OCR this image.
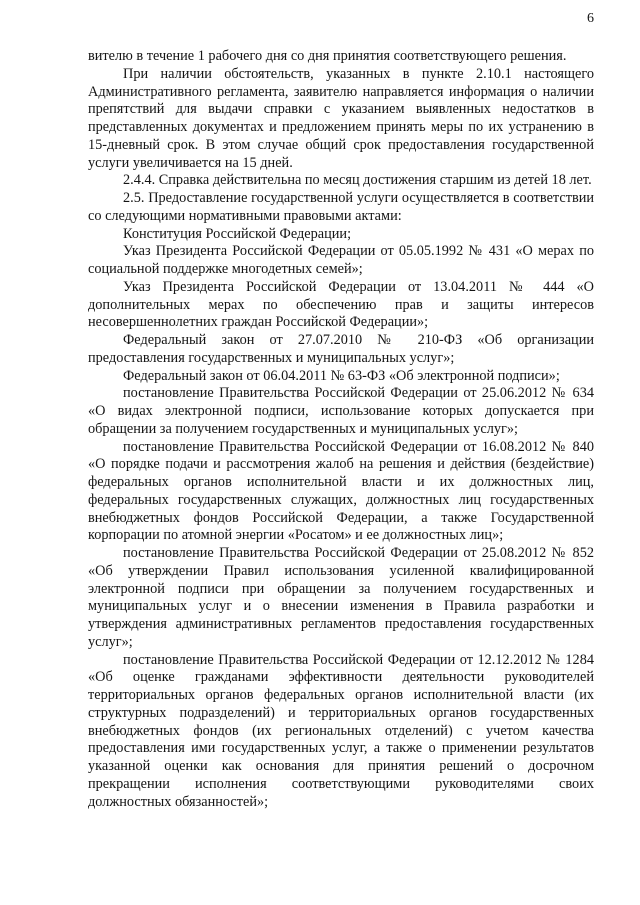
6

вителю в течение 1 рабочего дня со дня принятия соответствующего решения.

При наличии обстоятельств, указанных в пункте 2.10.1 настоящего Административного регламента, заявителю направляется информация о наличии препятствий для выдачи справки с указанием выявленных недостатков в представленных документах и предложением принять меры по их устранению в 15-дневный срок. В этом случае общий срок предоставления государственной услуги увеличивается на 15 дней.

2.4.4. Справка действительна по месяц достижения старшим из детей 18 лет.

2.5. Предоставление государственной услуги осуществляется в соответствии со следующими нормативными правовыми актами:

Конституция Российской Федерации;

Указ Президента Российской Федерации от 05.05.1992 № 431 «О мерах по социальной поддержке многодетных семей»;

Указ Президента Российской Федерации от 13.04.2011 № 444 «О дополнительных мерах по обеспечению прав и защиты интересов несовершеннолетних граждан Российской Федерации»;

Федеральный закон от 27.07.2010 № 210-ФЗ «Об организации предоставления государственных и муниципальных услуг»;

Федеральный закон от 06.04.2011 № 63-ФЗ «Об электронной подписи»;

постановление Правительства Российской Федерации от 25.06.2012 № 634 «О видах электронной подписи, использование которых допускается при обращении за получением государственных и муниципальных услуг»;

постановление Правительства Российской Федерации от 16.08.2012 № 840 «О порядке подачи и рассмотрения жалоб на решения и действия (бездействие) федеральных органов исполнительной власти и их должностных лиц, федеральных государственных служащих, должностных лиц государственных внебюджетных фондов Российской Федерации, а также Государственной корпорации по атомной энергии «Росатом» и ее должностных лиц»;

постановление Правительства Российской Федерации от 25.08.2012 № 852 «Об утверждении Правил использования усиленной квалифицированной электронной подписи при обращении за получением государственных и муниципальных услуг и о внесении изменения в Правила разработки и утверждения административных регламентов предоставления государственных услуг»;

постановление Правительства Российской Федерации от 12.12.2012 № 1284 «Об оценке гражданами эффективности деятельности руководителей территориальных органов федеральных органов исполнительной власти (их структурных подразделений) и территориальных органов государственных внебюджетных фондов (их региональных отделений) с учетом качества предоставления ими государственных услуг, а также о применении результатов указанной оценки как основания для принятия решений о досрочном прекращении исполнения соответствующими руководителями своих должностных обязанностей»;
